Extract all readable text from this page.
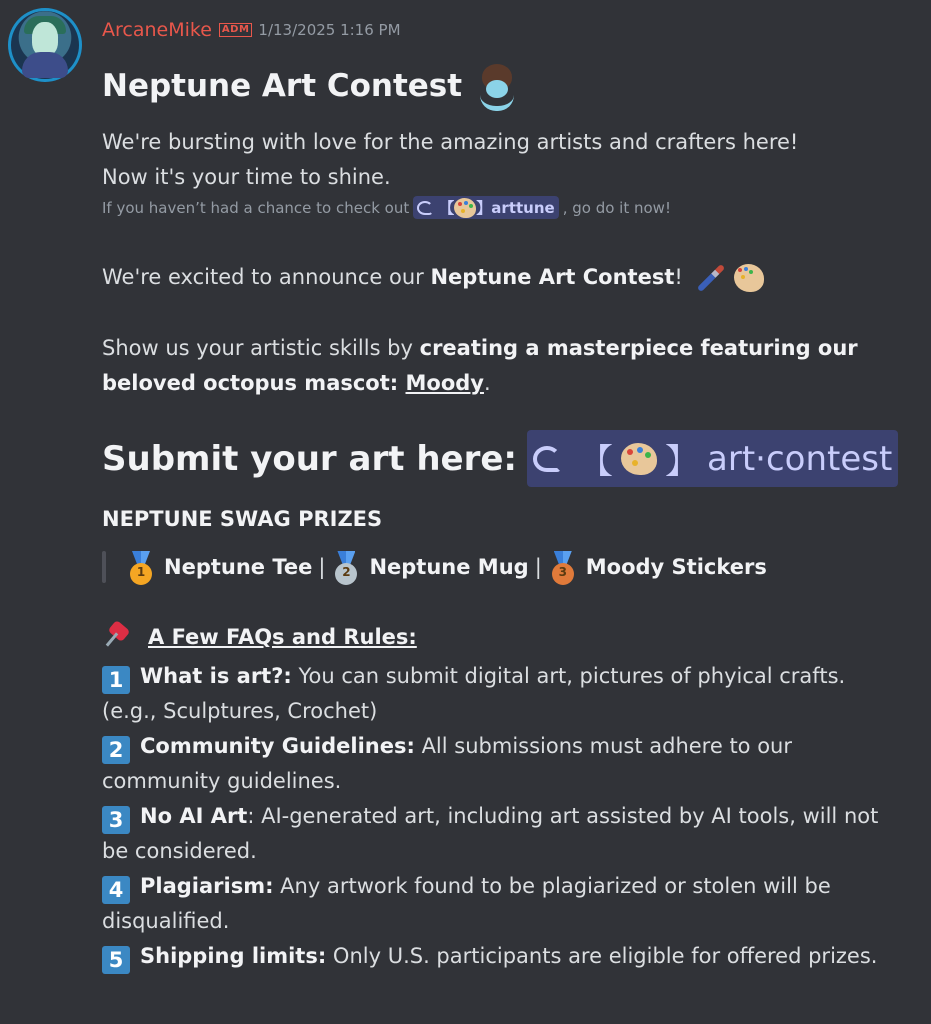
ArcaneMike	ADM 1/13/2025 1:16 PM
Neptune Art Contest
We're bursting with love for the amazing artists and crafters here!
Now it's your time to shine.
If you haven’t had a chance to check out 【 】 arttune , go do it now!
We're excited to announce our Neptune Art Contest!
Show us your artistic skills by creating a masterpiece featuring our
beloved octopus mascot: Moody.
Submit your art here: 【 】 art·contest
NEPTUNE SWAG PRIZES
1 Neptune Tee |	2 Neptune Mug |	3 Moody Stickers
A Few FAQs and Rules:
1 What is art?: You can submit digital art, pictures of phyical crafts. (e.g., Sculptures, Crochet)
2 Community Guidelines: All submissions must adhere to our community guidelines.
3 No AI Art: AI-generated art, including art assisted by AI tools, will not be considered.
4 Plagiarism: Any artwork found to be plagiarized or stolen will be disqualified.
5 Shipping limits: Only U.S. participants are eligible for offered prizes.
